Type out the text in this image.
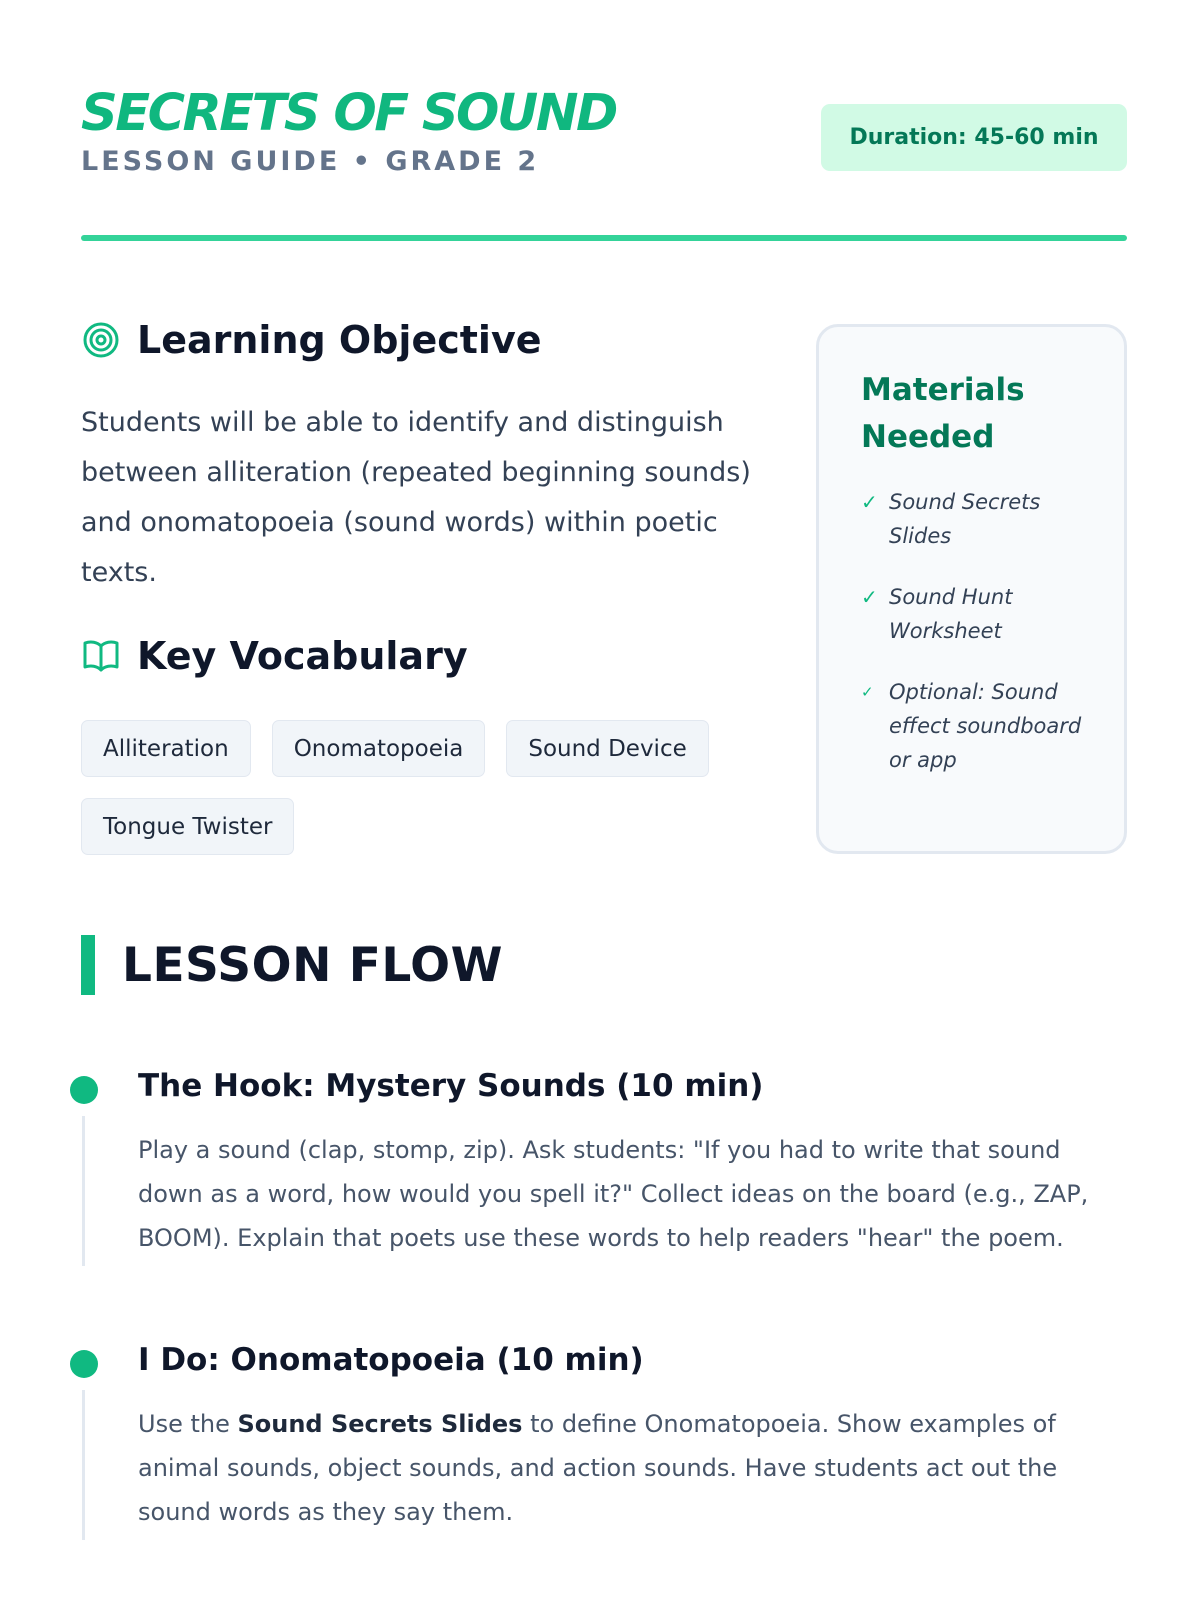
SECRETS OF SOUND
LESSON GUIDE • GRADE 2
Duration: 45-60 min
Learning Objective
Students will be able to identify and distinguish between alliteration (repeated beginning sounds) and onomatopoeia (sound words) within poetic texts.
Key Vocabulary
Alliteration	Onomatopoeia	Sound Device
Tongue Twister
Materials Needed
✓ Sound Secrets Slides
✓ Sound Hunt Worksheet
✓ Optional: Sound effect soundboard or app
LESSON FLOW
The Hook: Mystery Sounds (10 min)
Play a sound (clap, stomp, zip). Ask students: "If you had to write that sound down as a word, how would you spell it?" Collect ideas on the board (e.g., ZAP, BOOM). Explain that poets use these words to help readers "hear" the poem.
I Do: Onomatopoeia (10 min)
Use the Sound Secrets Slides to define Onomatopoeia. Show examples of animal sounds, object sounds, and action sounds. Have students act out the sound words as they say them.
